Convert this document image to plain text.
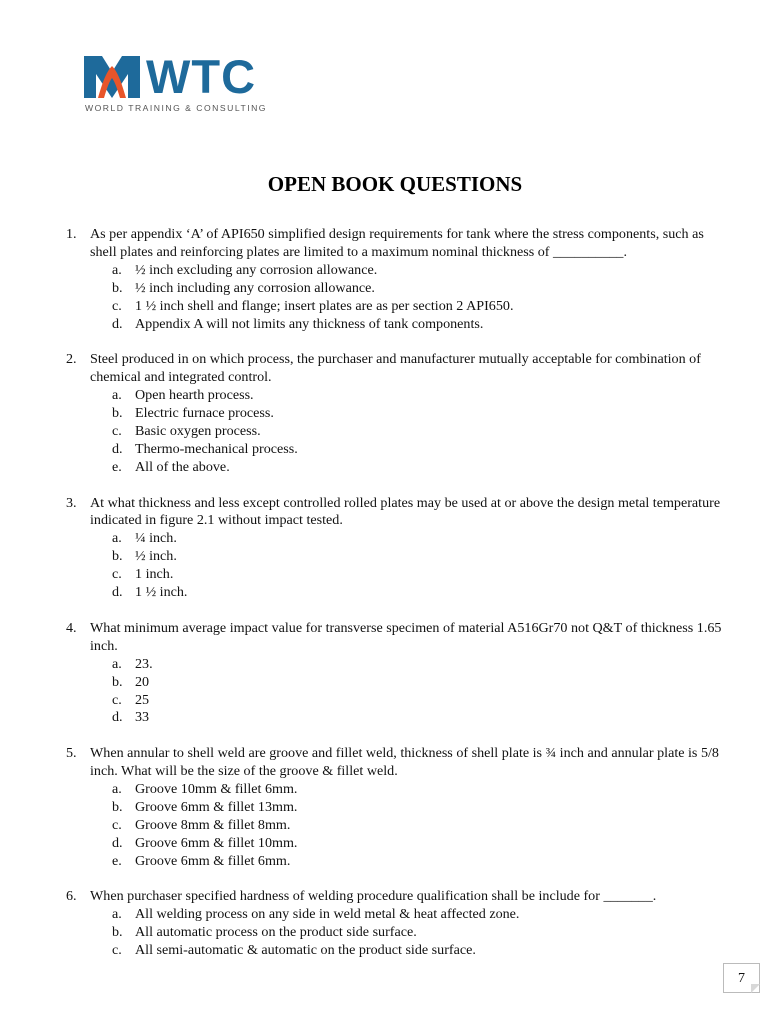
WTC
WORLD TRAINING & CONSULTING
OPEN BOOK QUESTIONS
1. As per appendix ‘A’ of API650 simplified design requirements for tank where the stress components, such as shell plates and reinforcing plates are limited to a maximum nominal thickness of __________.
a. ½ inch excluding any corrosion allowance.
b. ½ inch including any corrosion allowance.
c. 1 ½ inch shell and flange; insert plates are as per section 2 API650.
d. Appendix A will not limits any thickness of tank components.
2. Steel produced in on which process, the purchaser and manufacturer mutually acceptable for combination of chemical and integrated control.
a. Open hearth process.
b. Electric furnace process.
c. Basic oxygen process.
d. Thermo-mechanical process.
e. All of the above.
3. At what thickness and less except controlled rolled plates may be used at or above the design metal temperature indicated in figure 2.1 without impact tested.
a. ¼ inch.
b. ½ inch.
c. 1 inch.
d. 1 ½ inch.
4. What minimum average impact value for transverse specimen of material A516Gr70 not Q&T of thickness 1.65 inch.
a. 23.
b. 20
c. 25
d. 33
5. When annular to shell weld are groove and fillet weld, thickness of shell plate is ¾ inch and annular plate is 5/8 inch. What will be the size of the groove & fillet weld.
a. Groove 10mm & fillet 6mm.
b. Groove 6mm & fillet 13mm.
c. Groove 8mm & fillet 8mm.
d. Groove 6mm & fillet 10mm.
e. Groove 6mm & fillet 6mm.
6. When purchaser specified hardness of welding procedure qualification shall be include for _______.
a. All welding process on any side in weld metal & heat affected zone.
b. All automatic process on the product side surface.
c. All semi-automatic & automatic on the product side surface.
7
